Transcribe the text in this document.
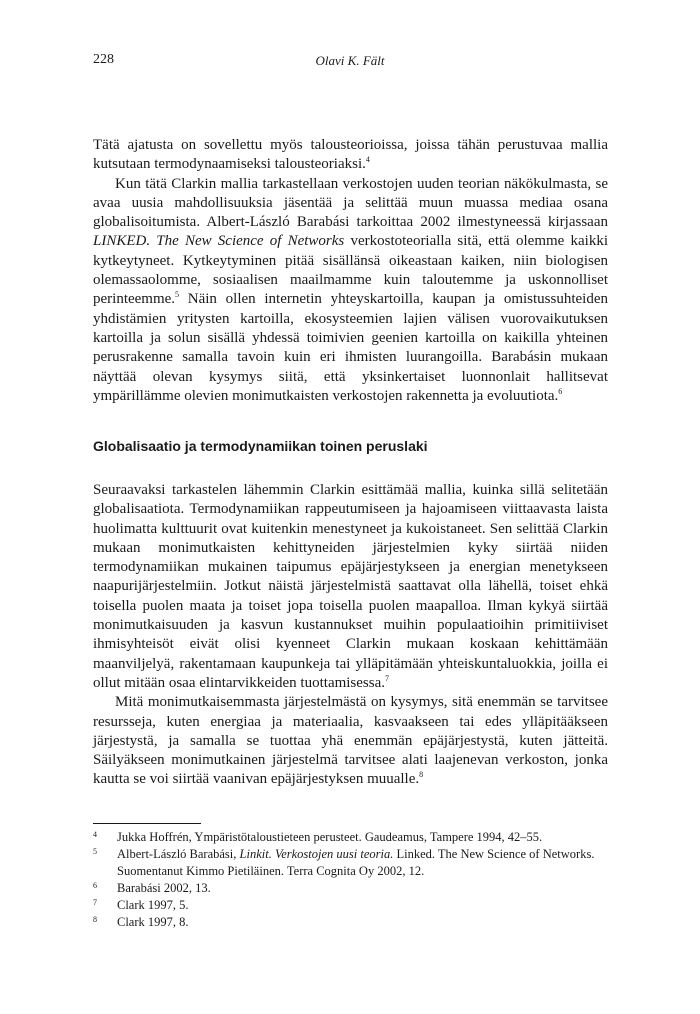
228	Olavi K. Fält

Tätä ajatusta on sovellettu myös talousteorioissa, joissa tähän perustuvaa mallia kutsutaan termodynaamiseksi talousteoriaksi.$^4$

Kun tätä Clarkin mallia tarkastellaan verkostojen uuden teorian näkökulmasta, se avaa uusia mahdollisuuksia jäsentää ja selittää muun muassa mediaa osana globalisoitumista. Albert-László Barabási tarkoittaa 2002 ilmestyneessä kirjassaan LINKED. The New Science of Networks verkostoteorialla sitä, että olemme kaikki kytkeytyneet. Kytkeytyminen pitää sisällänsä oikeastaan kaiken, niin biologisen olemassaolomme, sosiaalisen maailmamme kuin taloutemme ja uskonnolliset perinteemme.$^5$ Näin ollen internetin yhteyskartoilla, kaupan ja omistussuhteiden yhdistämien yritysten kartoilla, ekosysteemien lajien välisen vuorovaikutuksen kartoilla ja solun sisällä yhdessä toimivien geenien kartoilla on kaikilla yhteinen perusrakenne samalla tavoin kuin eri ihmisten luurangoilla. Barabásin mukaan näyttää olevan kysymys siitä, että yksinkertaiset luonnonlait hallitsevat ympärillämme olevien monimutkaisten verkostojen rakennetta ja evoluutiota.$^6$

Globalisaatio ja termodynamiikan toinen peruslaki

Seuraavaksi tarkastelen lähemmin Clarkin esittämää mallia, kuinka sillä selitetään globalisaatiota. Termodynamiikan rappeutumiseen ja hajoamiseen viittaavasta laista huolimatta kulttuurit ovat kuitenkin menestyneet ja kukoistaneet. Sen selittää Clarkin mukaan monimutkaisten kehittyneiden järjestelmien kyky siirtää niiden termodynamiikan mukainen taipumus epäjärjestykseen ja energian menetykseen naapurijärjestelmiin. Jotkut näistä järjestelmistä saattavat olla lähellä, toiset ehkä toisella puolen maata ja toiset jopa toisella puolen maapalloa. Ilman kykyä siirtää monimutkaisuuden ja kasvun kustannukset muihin populaatioihin primitiiviset ihmisyhteisöt eivät olisi kyenneet Clarkin mukaan koskaan kehittämään maanviljelyä, rakentamaan kaupunkeja tai ylläpitämään yhteiskuntaluokkia, joilla ei ollut mitään osaa elintarvikkeiden tuottamisessa.$^7$

Mitä monimutkaisemmasta järjestelmästä on kysymys, sitä enemmän se tarvitsee resursseja, kuten energiaa ja materiaalia, kasvaakseen tai edes ylläpitääkseen järjestystä, ja samalla se tuottaa yhä enemmän epäjärjestystä, kuten jätteitä. Säilyäkseen monimutkainen järjestelmä tarvitsee alati laajenevan verkoston, jonka kautta se voi siirtää vaanivan epäjärjestyksen muualle.$^8$

4	Jukka Hoffrén, Ympäristötaloustieteen perusteet. Gaudeamus, Tampere 1994, 42–55.
5	Albert-László Barabási, Linkit. Verkostojen uusi teoria. Linked. The New Science of Networks. Suomentanut Kimmo Pietiläinen. Terra Cognita Oy 2002, 12.
6	Barabási 2002, 13.
7	Clark 1997, 5.
8	Clark 1997, 8.
